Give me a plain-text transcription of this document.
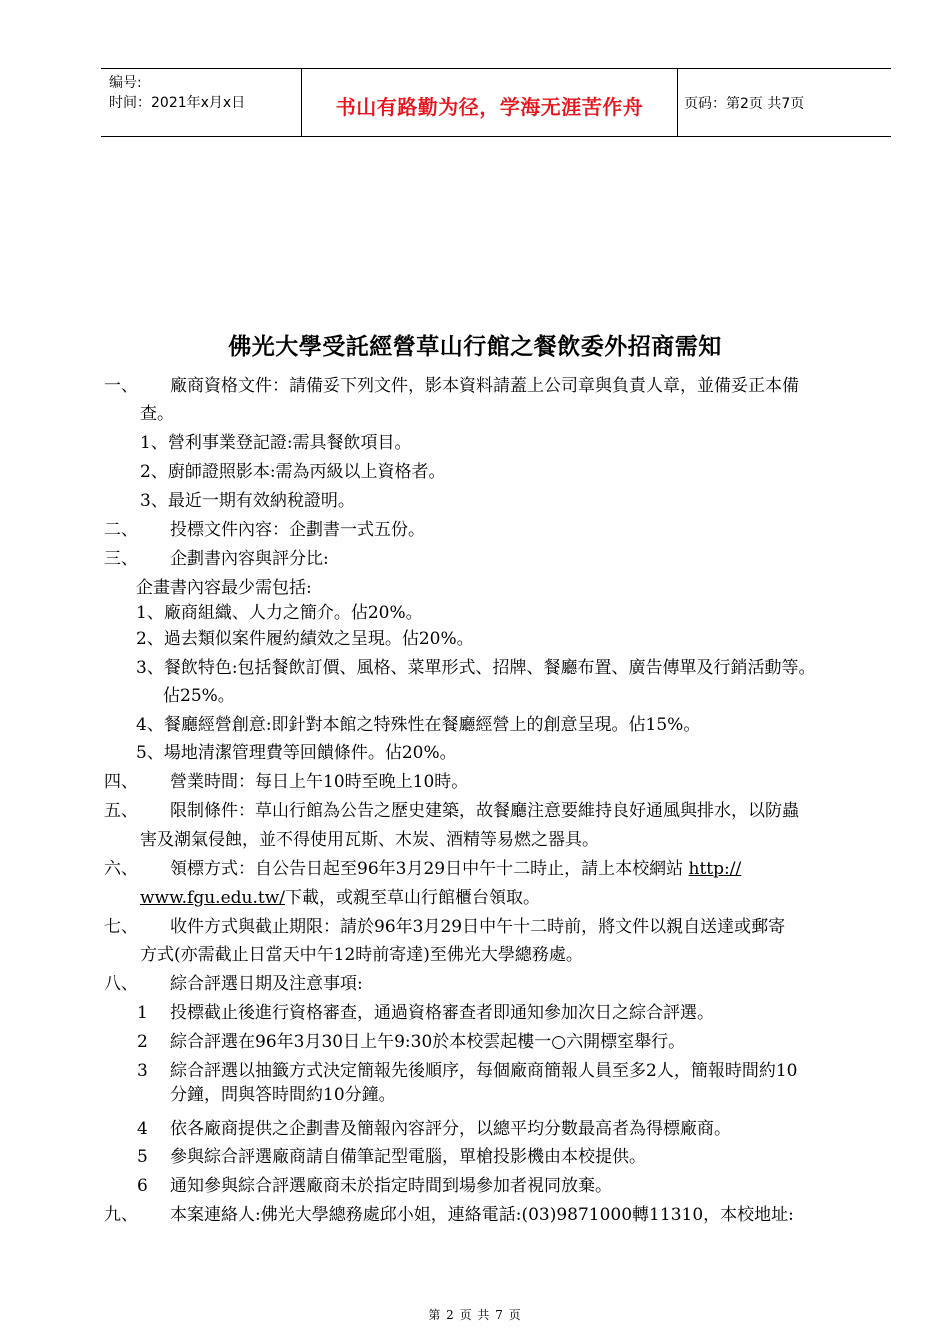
编号:
时间：2021年x月x日	书山有路勤为径，学海无涯苦作舟	页码：第2页 共7页
佛光大學受託經營草山行館之餐飲委外招商需知
一、 廠商資格文件：請備妥下列文件，影本資料請蓋上公司章與負責人章，並備妥正本備
查。
1、營利事業登記證:需具餐飲項目。
2、廚師證照影本:需為丙級以上資格者。
3、最近一期有效納稅證明。
二、 投標文件內容：企劃書一式五份。
三、 企劃書內容與評分比:
企畫書內容最少需包括:
1、廠商組織、人力之簡介。佔20%。
2、過去類似案件履約績效之呈現。佔20%。
3、餐飲特色:包括餐飲訂價、風格、菜單形式、招牌、餐廳布置、廣告傳單及行銷活動等。
佔25%。
4、餐廳經營創意:即針對本館之特殊性在餐廳經營上的創意呈現。佔15%。
5、場地清潔管理費等回饋條件。佔20%。
四、 營業時間：每日上午10時至晚上10時。
五、 限制條件：草山行館為公告之歷史建築，故餐廳注意要維持良好通風與排水，以防蟲
害及潮氣侵蝕，並不得使用瓦斯、木炭、酒精等易燃之器具。
六、 領標方式：自公告日起至96年3月29日中午十二時止，請上本校網站 http://
www.fgu.edu.tw/下載，或親至草山行館櫃台領取。
七、 收件方式與截止期限：請於96年3月29日中午十二時前，將文件以親自送達或郵寄
方式(亦需截止日當天中午12時前寄達)至佛光大學總務處。
八、 綜合評選日期及注意事項:
1 投標截止後進行資格審查，通過資格審查者即通知參加次日之綜合評選。
2 綜合評選在96年3月30日上午9:30於本校雲起樓一○六開標室舉行。
3 綜合評選以抽籤方式決定簡報先後順序，每個廠商簡報人員至多2人，簡報時間約10
分鐘，問與答時間約10分鐘。
4 依各廠商提供之企劃書及簡報內容評分，以總平均分數最高者為得標廠商。
5 參與綜合評選廠商請自備筆記型電腦，單槍投影機由本校提供。
6 通知參與綜合評選廠商未於指定時間到場參加者視同放棄。
九、 本案連絡人:佛光大學總務處邱小姐，連絡電話:(03)9871000轉11310，本校地址:
第 2 页 共 7 页
